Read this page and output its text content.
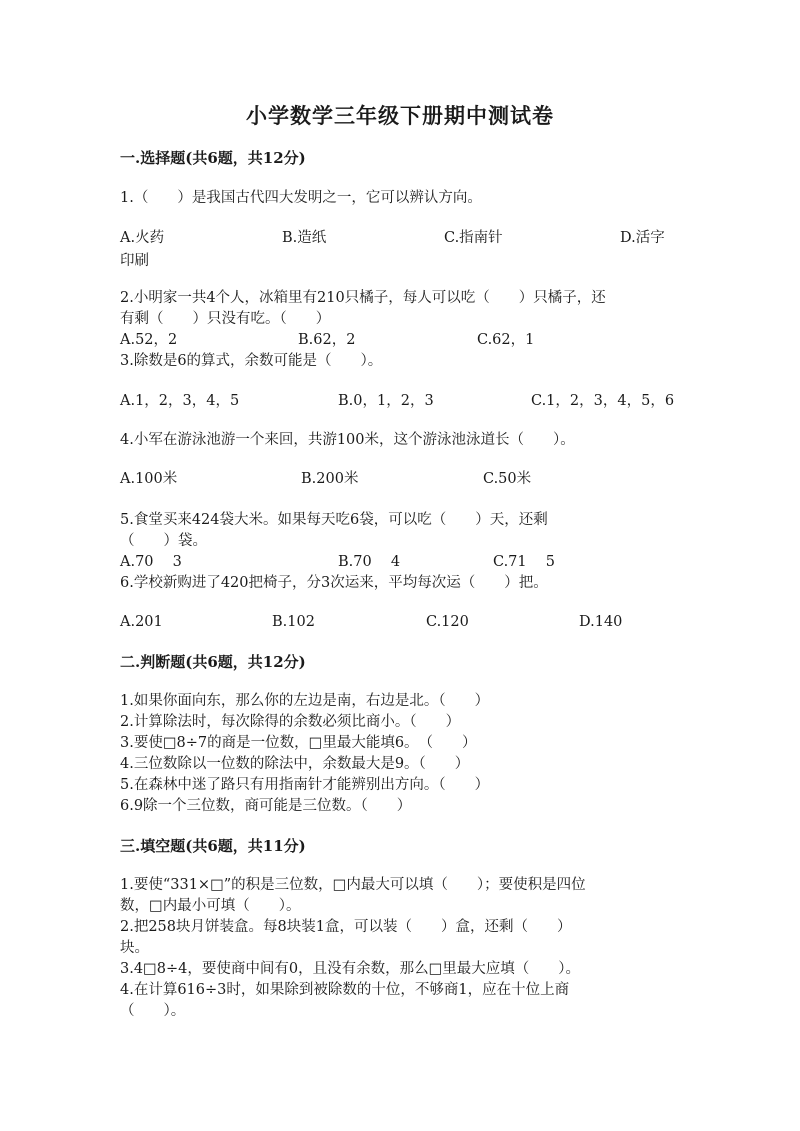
小学数学三年级下册期中测试卷
一.选择题(共6题，共12分)
1.（　　）是我国古代四大发明之一，它可以辨认方向。
A.火药	B.造纸	C.指南针	D.活字
印刷
2.小明家一共4个人，冰箱里有210只橘子，每人可以吃（　　）只橘子，还
有剩（　　）只没有吃。（　　）
A.52，2	B.62，2	C.62，1
3.除数是6的算式，余数可能是（　　）。
A.1，2，3，4，5	B.0，1，2，3	C.1，2，3，4，5，6
4.小军在游泳池游一个来回，共游100米，这个游泳池泳道长（　　）。
A.100米	B.200米	C.50米
5.食堂买来424袋大米。如果每天吃6袋，可以吃（　　）天，还剩
（　　）袋。
A.70　 3	B.70　 4	C.71　 5
6.学校新购进了420把椅子，分3次运来，平均每次运（　　）把。
A.201	B.102	C.120	D.140
二.判断题(共6题，共12分)
1.如果你面向东，那么你的左边是南，右边是北。（　　）
2.计算除法时，每次除得的余数必须比商小。（　　）
3.要使□8÷7的商是一位数，□里最大能填6。　（　　）
4.三位数除以一位数的除法中，余数最大是9。（　　）
5.在森林中迷了路只有用指南针才能辨别出方向。（　　）
6.9除一个三位数，商可能是三位数。（　　）
三.填空题(共6题，共11分)
1.要使“331×□”的积是三位数，□内最大可以填（　　）；要使积是四位
数，□内最小可填（　　）。
2.把258块月饼装盒。每8块装1盒，可以装（　　）盒，还剩（　　）
块。
3.4□8÷4，要使商中间有0，且没有余数，那么□里最大应填（　　）。
4.在计算616÷3时，如果除到被除数的十位，不够商1，应在十位上商
（　　）。
